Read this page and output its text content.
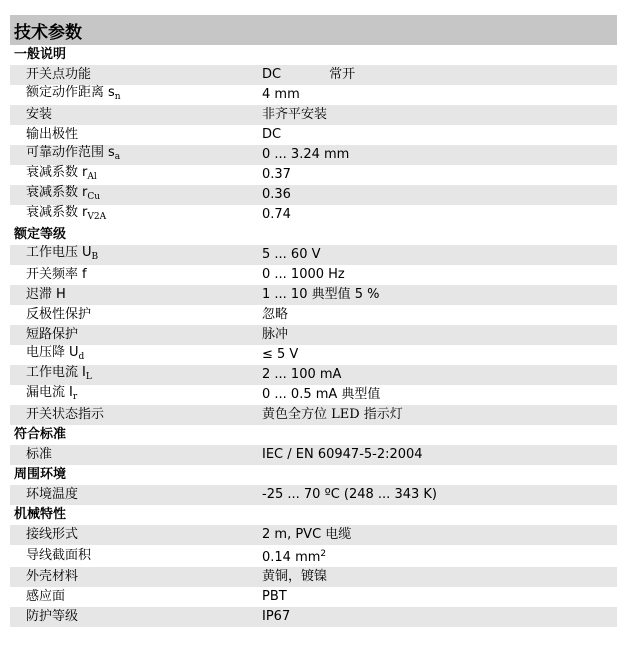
技术参数
一般说明
开关点功能	DC	常开
额定动作距离 $s_n$	4 mm
安装	非齐平安装
输出极性	DC
可靠动作范围 $s_a$	0 ... 3.24 mm
衰减系数 $r_{Al}$	0.37
衰减系数 $r_{Cu}$	0.36
衰减系数 $r_{V2A}$	0.74
额定等级
工作电压 $U_B$	5 ... 60 V
开关频率 f	0 ... 1000 Hz
迟滞 H	1 ... 10 典型值 5 %
反极性保护	忽略
短路保护	脉冲
电压降 $U_d$	≤ 5 V
工作电流 $I_L$	2 ... 100 mA
漏电流 $I_r$	0 ... 0.5 mA 典型值
开关状态指示	黄色全方位 LED 指示灯
符合标准
标准	IEC / EN 60947-5-2:2004
周围环境
环境温度	-25 ... 70 ºC (248 ... 343 K)
机械特性
接线形式	2 m, PVC 电缆
导线截面积	0.14 $mm^2$
外壳材料	黄铜，镀镍
感应面	PBT
防护等级	IP67
